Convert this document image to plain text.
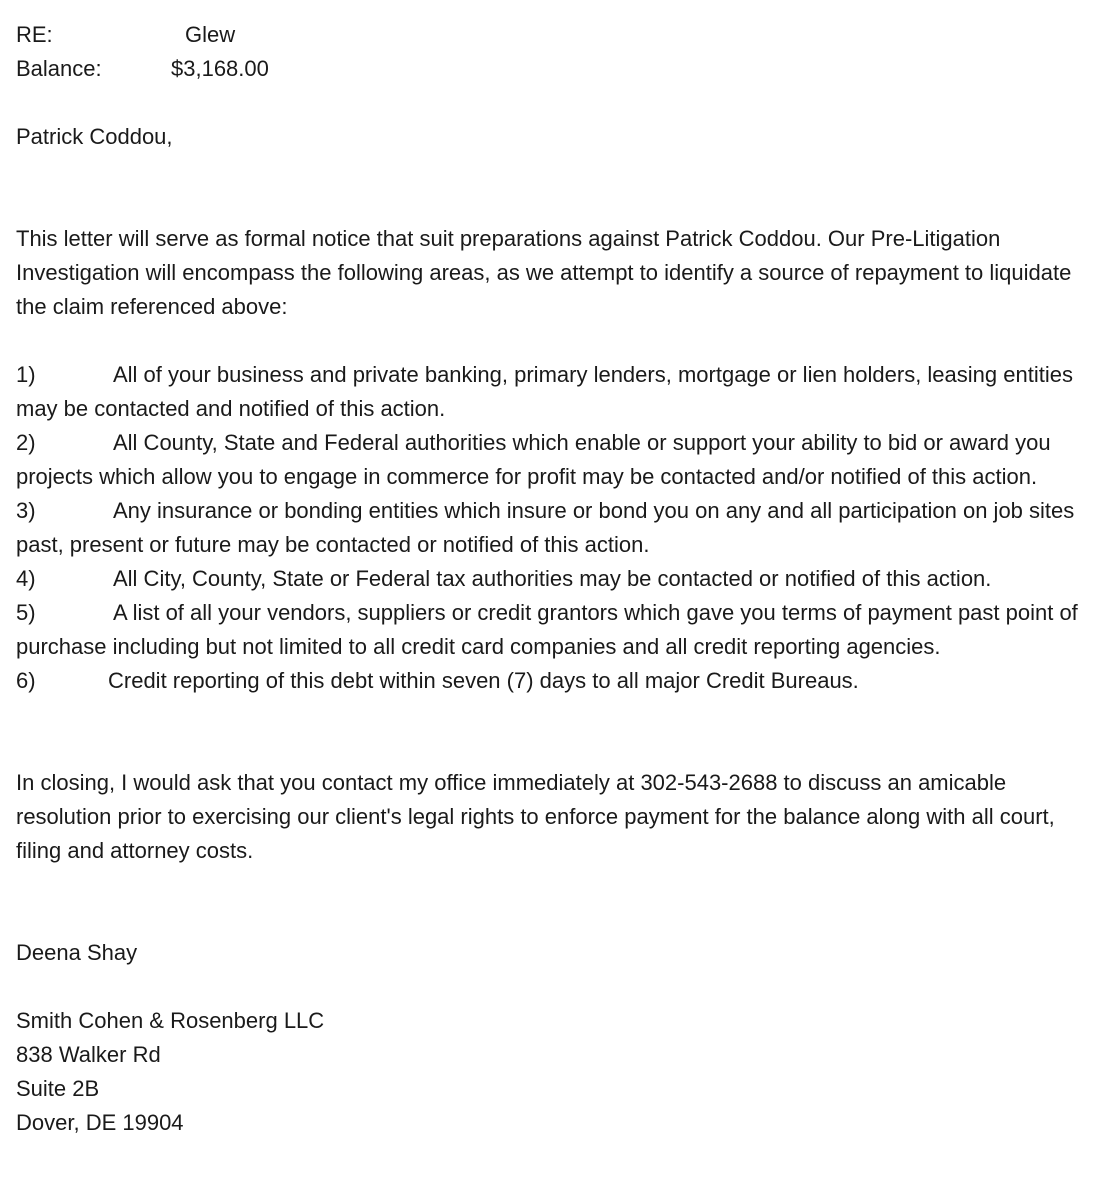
RE:	Glew
Balance:	$3,168.00
Patrick Coddou,

This letter will serve as formal notice that suit preparations against Patrick Coddou. Our Pre-Litigation Investigation will encompass the following areas, as we attempt to identify a source of repayment to liquidate the claim referenced above:

1)	All of your business and private banking, primary lenders, mortgage or lien holders, leasing entities may be contacted and notified of this action.
2)	All County, State and Federal authorities which enable or support your ability to bid or award you projects which allow you to engage in commerce for profit may be contacted and/or notified of this action.
3)	Any insurance or bonding entities which insure or bond you on any and all participation on job sites past, present or future may be contacted or notified of this action.
4)	All City, County, State or Federal tax authorities may be contacted or notified of this action.
5)	A list of all your vendors, suppliers or credit grantors which gave you terms of payment past point of purchase including but not limited to all credit card companies and all credit reporting agencies.
6)	Credit reporting of this debt within seven (7) days to all major Credit Bureaus.

In closing, I would ask that you contact my office immediately at 302-543-2688 to discuss an amicable resolution prior to exercising our client's legal rights to enforce payment for the balance along with all court, filing and attorney costs.

Deena Shay
Smith Cohen & Rosenberg LLC
838 Walker Rd
Suite 2B
Dover, DE 19904
